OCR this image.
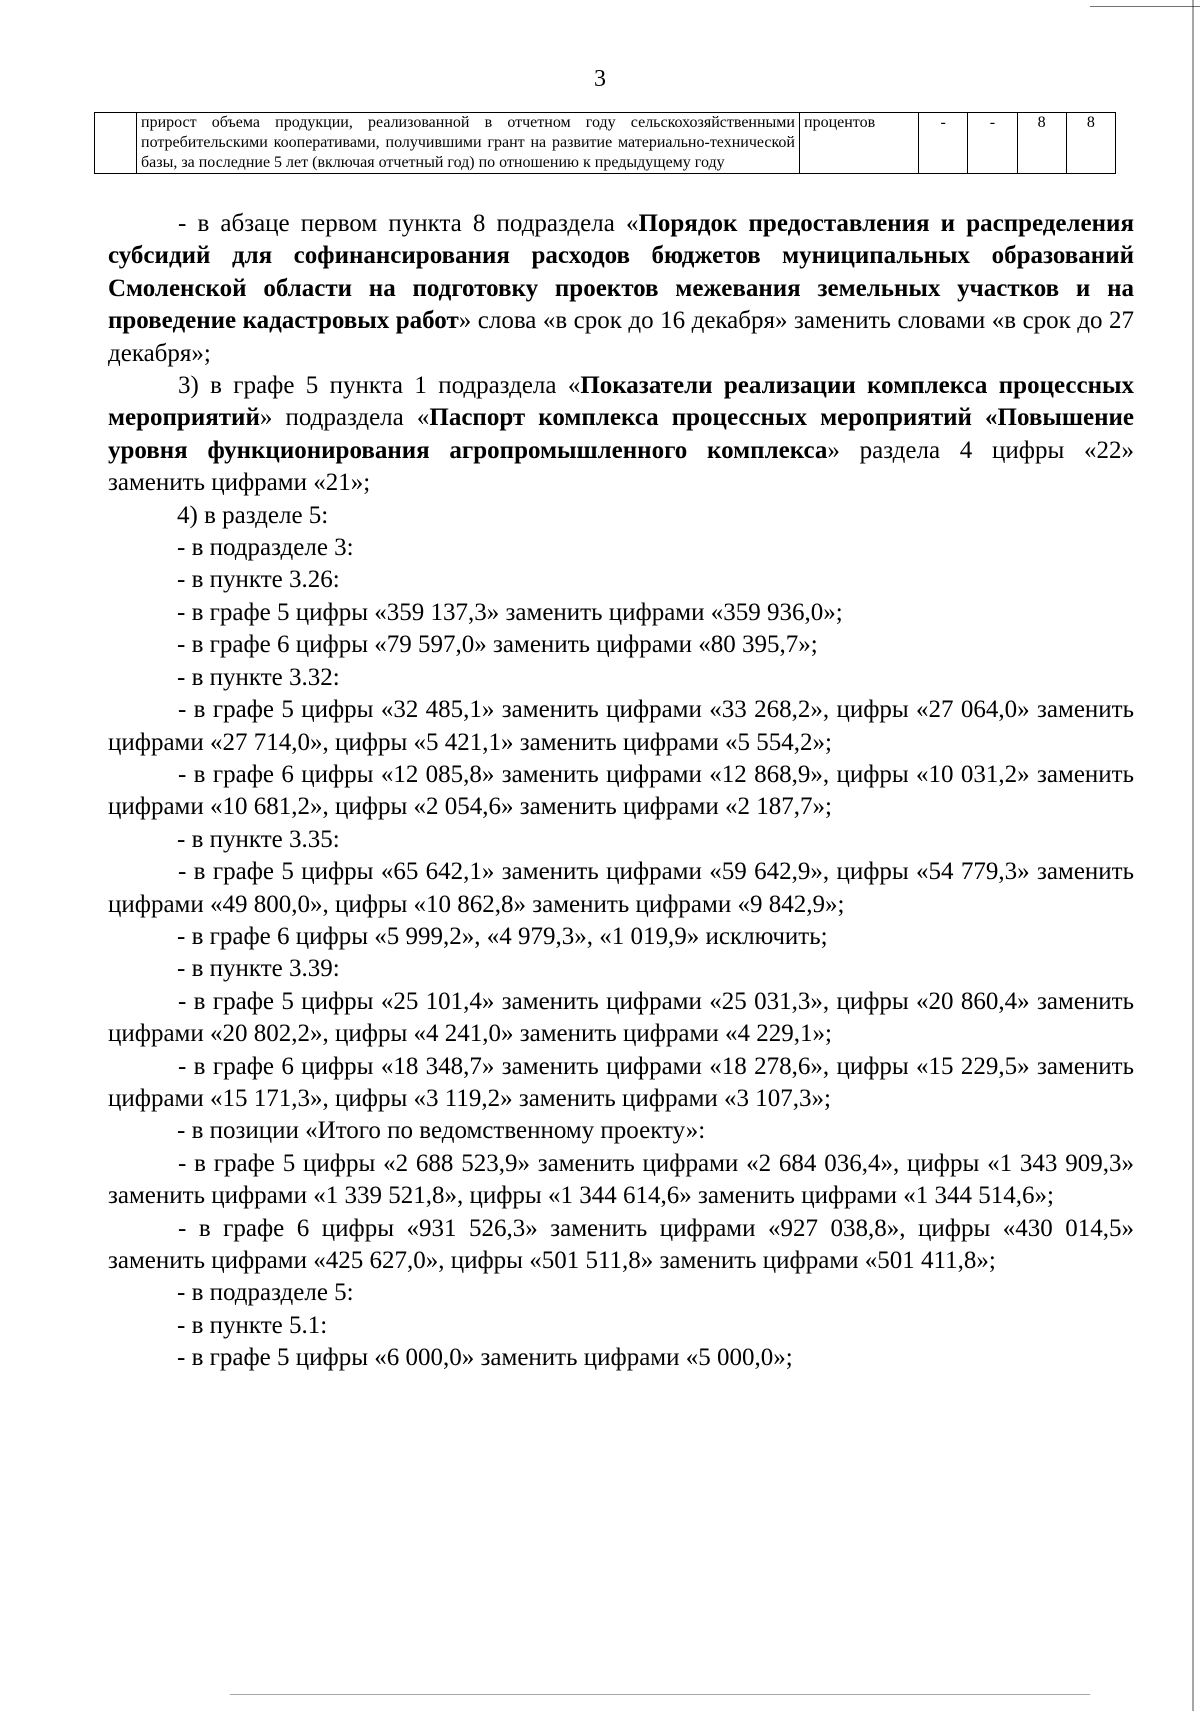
3
	прирост объема продукции, реализованной в отчетном году сельскохозяйственными потребительскими кооперативами, получившими грант на развитие материально-технической базы, за последние 5 лет (включая отчетный год) по отношению к предыдущему году	процентов	-	-	8	8

- в абзаце первом пункта 8 подраздела «Порядок предоставления и распределения субсидий для софинансирования расходов бюджетов муниципальных образований Смоленской области на подготовку проектов межевания земельных участков и на проведение кадастровых работ» слова «в срок до 16 декабря» заменить словами «в срок до 27 декабря»;

3) в графе 5 пункта 1 подраздела «Показатели реализации комплекса процессных мероприятий» подраздела «Паспорт комплекса процессных мероприятий «Повышение уровня функционирования агропромышленного комплекса» раздела 4 цифры «22» заменить цифрами «21»;

4) в разделе 5:

- в подразделе 3:

- в пункте 3.26:

- в графе 5 цифры «359 137,3» заменить цифрами «359 936,0»;

- в графе 6 цифры «79 597,0» заменить цифрами «80 395,7»;

- в пункте 3.32:

- в графе 5 цифры «32 485,1» заменить цифрами «33 268,2», цифры «27 064,0» заменить цифрами «27 714,0», цифры «5 421,1» заменить цифрами «5 554,2»;

- в графе 6 цифры «12 085,8» заменить цифрами «12 868,9», цифры «10 031,2» заменить цифрами «10 681,2», цифры «2 054,6» заменить цифрами «2 187,7»;

- в пункте 3.35:

- в графе 5 цифры «65 642,1» заменить цифрами «59 642,9», цифры «54 779,3» заменить цифрами «49 800,0», цифры «10 862,8» заменить цифрами «9 842,9»;

- в графе 6 цифры «5 999,2», «4 979,3», «1 019,9» исключить;

- в пункте 3.39:

- в графе 5 цифры «25 101,4» заменить цифрами «25 031,3», цифры «20 860,4» заменить цифрами «20 802,2», цифры «4 241,0» заменить цифрами «4 229,1»;

- в графе 6 цифры «18 348,7» заменить цифрами «18 278,6», цифры «15 229,5» заменить цифрами «15 171,3», цифры «3 119,2» заменить цифрами «3 107,3»;

- в позиции «Итого по ведомственному проекту»:

- в графе 5 цифры «2 688 523,9» заменить цифрами «2 684 036,4», цифры «1 343 909,3» заменить цифрами «1 339 521,8», цифры «1 344 614,6» заменить цифрами «1 344 514,6»;

- в графе 6 цифры «931 526,3» заменить цифрами «927 038,8», цифры «430 014,5» заменить цифрами «425 627,0», цифры «501 511,8» заменить цифрами «501 411,8»;

- в подразделе 5:

- в пункте 5.1:

- в графе 5 цифры «6 000,0» заменить цифрами «5 000,0»;
